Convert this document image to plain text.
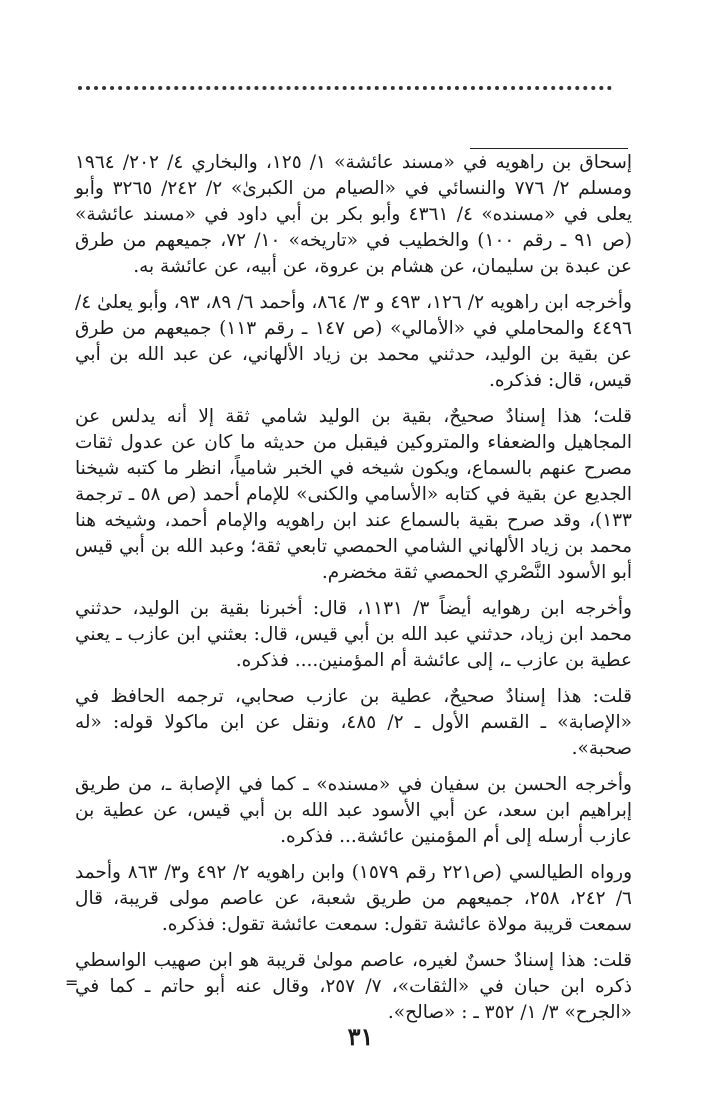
إسحاق بن راهويه في «مسند عائشة» ١/ ١٢٥، والبخاري ٤/ ٢٠٢/ ١٩٦٤ ومسلم ٢/ ٧٧٦ والنسائي في «الصيام من الكبرىٰ» ٢/ ٢٤٢/ ٣٢٦٥ وأبو يعلى في «مسنده» ٤/ ٤٣٦١ وأبو بكر بن أبي داود في «مسند عائشة» (ص ٩١ ـ رقم ١٠٠) والخطيب في «تاريخه» ١٠/ ٧٢، جميعهم من طرق عن عبدة بن سليمان، عن هشام بن عروة، عن أبيه، عن عائشة به.

وأخرجه ابن راهويه ٢/ ١٢٦، ٤٩٣ و ٣/ ٨٦٤، وأحمد ٦/ ٨٩، ٩٣، وأبو يعلىٰ ٤/ ٤٤٩٦ والمحاملي في «الأمالي» (ص ١٤٧ ـ رقم ١١٣) جميعهم من طرق عن بقية بن الوليد، حدثني محمد بن زياد الألهاني، عن عبد الله بن أبي قيس، قال: فذكره.

قلت؛ هذا إسنادٌ صحيحٌ، بقية بن الوليد شامي ثقة إلا أنه يدلس عن المجاهيل والضعفاء والمتروكين فيقبل من حديثه ما كان عن عدول ثقات مصرح عنهم بالسماع، ويكون شيخه في الخبر شامياً، انظر ما كتبه شيخنا الجديع عن بقية في كتابه «الأسامي والكنى» للإمام أحمد (ص ٥٨ ـ ترجمة ١٣٣)، وقد صرح بقية بالسماع عند ابن راهويه والإمام أحمد، وشيخه هنا محمد بن زياد الألهاني الشامي الحمصي تابعي ثقة؛ وعبد الله بن أبي قيس أبو الأسود النَّصْري الحمصي ثقة مخضرم.

وأخرجه ابن رهوايه أيضاً ٣/ ١١٣١، قال: أخبرنا بقية بن الوليد، حدثني محمد ابن زياد، حدثني عبد الله بن أبي قيس، قال: بعثني ابن عازب ـ يعني عطية بن عازب ـ، إلى عائشة أم المؤمنين.... فذكره.

قلت: هذا إسنادٌ صحيحٌ، عطية بن عازب صحابي، ترجمه الحافظ في «الإصابة» ـ القسم الأول ـ ٢/ ٤٨٥، ونقل عن ابن ماكولا قوله: «له صحبة».

وأخرجه الحسن بن سفيان في «مسنده» ـ كما في الإصابة ـ، من طريق إبراهيم ابن سعد، عن أبي الأسود عبد الله بن أبي قيس، عن عطية بن عازب أرسله إلى أم المؤمنين عائشة... فذكره.

ورواه الطيالسي (ص٢٢١ رقم ١٥٧٩) وابن راهويه ٢/ ٤٩٢ و٣/ ٨٦٣ وأحمد ٦/ ٢٤٢، ٢٥٨، جميعهم من طريق شعبة، عن عاصم مولى قريبة، قال سمعت قريبة مولاة عائشة تقول: سمعت عائشة تقول: فذكره.

قلت: هذا إسنادٌ حسنٌ لغيره، عاصم مولىٰ قريبة هو ابن صهيب الواسطي ذكره ابن حبان في «الثقات»، ٧/ ٢٥٧، وقال عنه أبو حاتم ـ كما في «الجرح» ٣/ ١/ ٣٥٢ ـ : «صالح».

=
٣١
